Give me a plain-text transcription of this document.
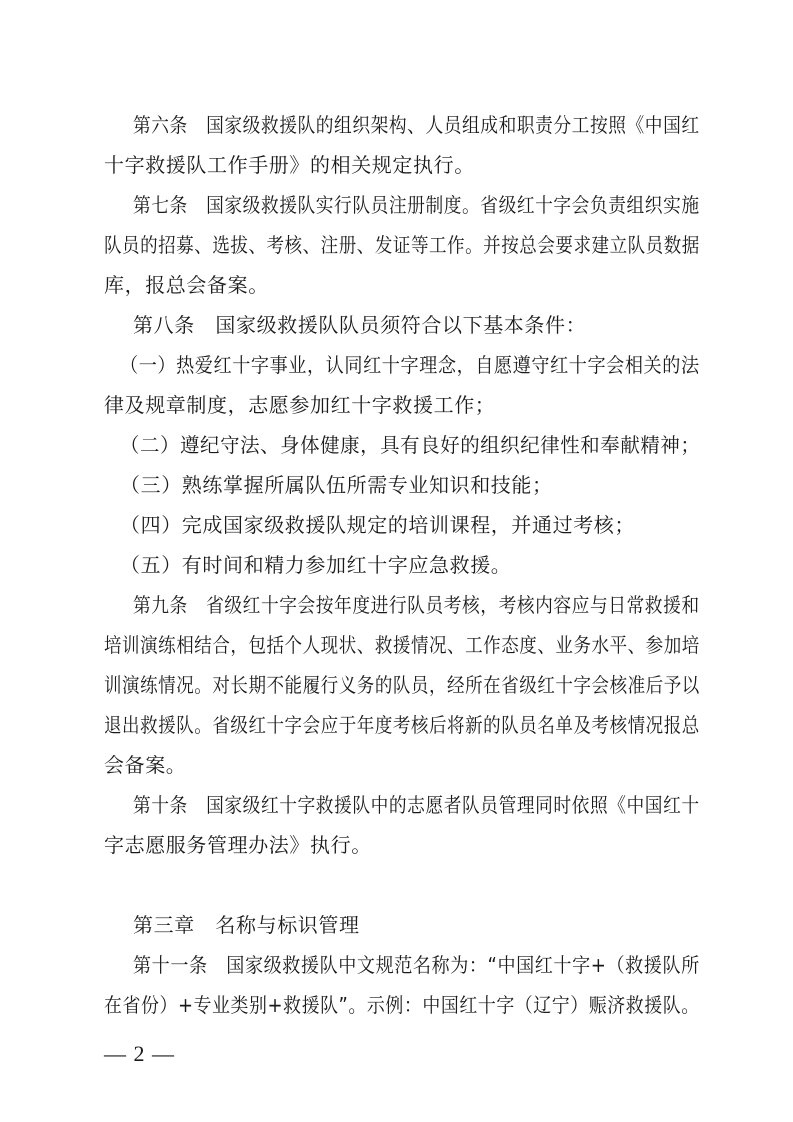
第六条　国家级救援队的组织架构、人员组成和职责分工按照《中国红
十字救援队工作手册》的相关规定执行。
第七条　国家级救援队实行队员注册制度。省级红十字会负责组织实施
队员的招募、选拔、考核、注册、发证等工作。并按总会要求建立队员数据
库，报总会备案。
第八条　国家级救援队队员须符合以下基本条件：
（一）热爱红十字事业，认同红十字理念，自愿遵守红十字会相关的法
律及规章制度，志愿参加红十字救援工作；
（二）遵纪守法、身体健康，具有良好的组织纪律性和奉献精神；
（三）熟练掌握所属队伍所需专业知识和技能；
（四）完成国家级救援队规定的培训课程，并通过考核；
（五）有时间和精力参加红十字应急救援。
第九条　省级红十字会按年度进行队员考核，考核内容应与日常救援和
培训演练相结合，包括个人现状、救援情况、工作态度、业务水平、参加培
训演练情况。对长期不能履行义务的队员，经所在省级红十字会核准后予以
退出救援队。省级红十字会应于年度考核后将新的队员名单及考核情况报总
会备案。
第十条　国家级红十字救援队中的志愿者队员管理同时依照《中国红十
字志愿服务管理办法》执行。
第三章　名称与标识管理
第十一条　国家级救援队中文规范名称为：“中国红十字+（救援队所
在省份）+专业类别+救援队”。示例：中国红十字（辽宁）赈济救援队。
— 2 —
